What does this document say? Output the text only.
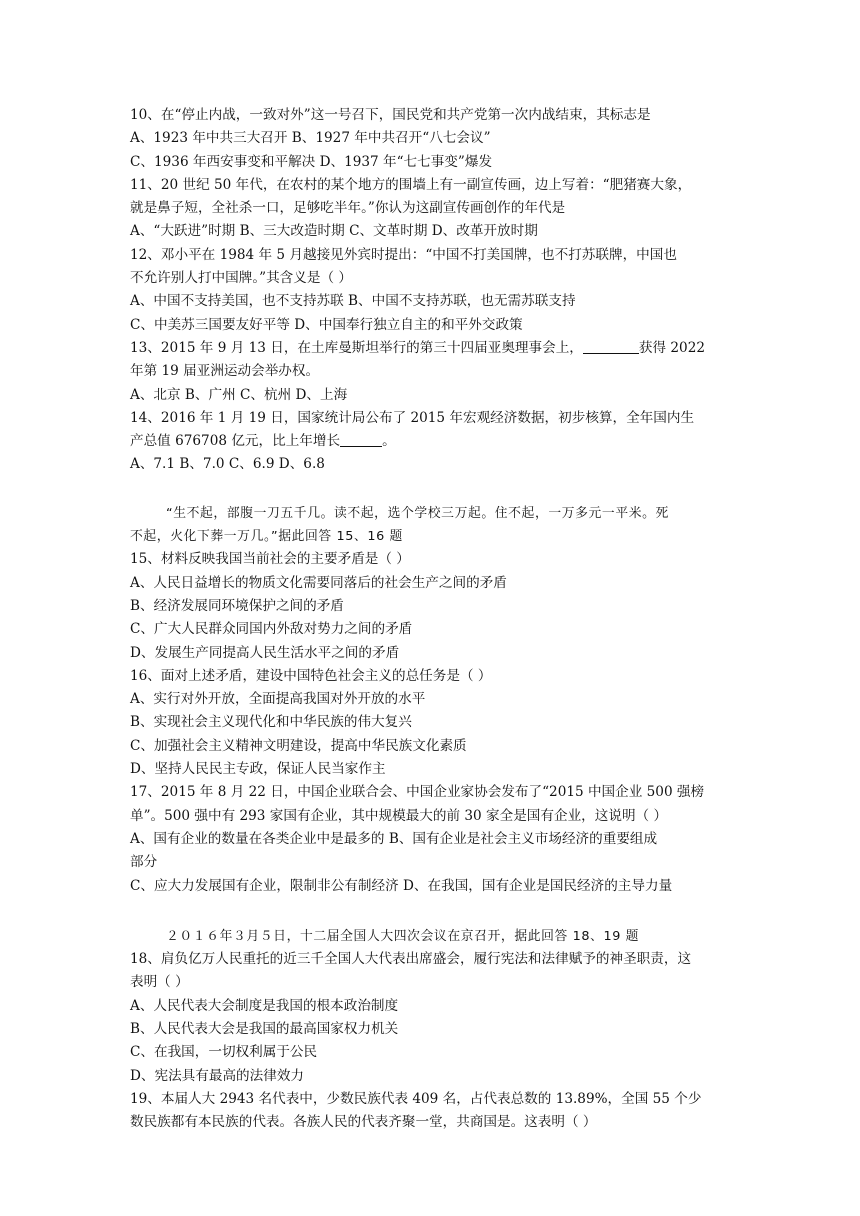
10、在“停止内战，一致对外”这一号召下，国民党和共产党第一次内战结束，其标志是
A、1923 年中共三大召开 B、1927 年中共召开“八七会议”
C、1936 年西安事变和平解决 D、1937 年“七七事变”爆发
11、20 世纪 50 年代，在农村的某个地方的围墙上有一副宣传画，边上写着：“肥猪赛大象，
就是鼻子短，全社杀一口，足够吃半年。”你认为这副宣传画创作的年代是
A、“大跃进”时期 B、三大改造时期 C、文革时期 D、改革开放时期
12、邓小平在 1984 年 5 月越接见外宾时提出：“中国不打美国牌，也不打苏联牌，中国也
不允许别人打中国牌。”其含义是（ ）
A、中国不支持美国，也不支持苏联 B、中国不支持苏联，也无需苏联支持
C、中美苏三国要友好平等 D、中国奉行独立自主的和平外交政策
13、2015 年 9 月 13 日，在土库曼斯坦举行的第三十四届亚奥理事会上，	获得 2022
年第 19 届亚洲运动会举办权。
A、北京 B、广州 C、杭州 D、上海
14、2016 年 1 月 19 日，国家统计局公布了 2015 年宏观经济数据，初步核算，全年国内生
产总值 676708 亿元，比上年增长	。
A、7.1 B、7.0 C、6.9 D、6.8
“生不起，部腹一刀五千几。读不起，选个学校三万起。住不起，一万多元一平米。死
不起，火化下葬一万几。”据此回答 15、16 题
15、材料反映我国当前社会的主要矛盾是（ ）
A、人民日益增长的物质文化需要同落后的社会生产之间的矛盾
B、经济发展同环境保护之间的矛盾
C、广大人民群众同国内外敌对势力之间的矛盾
D、发展生产同提高人民生活水平之间的矛盾
16、面对上述矛盾，建设中国特色社会主义的总任务是（ ）
A、实行对外开放，全面提高我国对外开放的水平
B、实现社会主义现代化和中华民族的伟大复兴
C、加强社会主义精神文明建设，提高中华民族文化素质
D、坚持人民民主专政，保证人民当家作主
17、2015 年 8 月 22 日，中国企业联合会、中国企业家协会发布了“2015 中国企业 500 强榜
单”。500 强中有 293 家国有企业，其中规模最大的前 30 家全是国有企业，这说明（ ）
A、国有企业的数量在各类企业中是最多的 B、国有企业是社会主义市场经济的重要组成
部分
C、应大力发展国有企业，限制非公有制经济 D、在我国，国有企业是国民经济的主导力量
２０１６年３月５日，十二届全国人大四次会议在京召开，据此回答 18、19 题
18、肩负亿万人民重托的近三千全国人大代表出席盛会，履行宪法和法律赋予的神圣职责，这
表明（ ）
A、人民代表大会制度是我国的根本政治制度
B、人民代表大会是我国的最高国家权力机关
C、在我国，一切权利属于公民
D、宪法具有最高的法律效力
19、本届人大 2943 名代表中，少数民族代表 409 名，占代表总数的 13.89%，全国 55 个少
数民族都有本民族的代表。各族人民的代表齐聚一堂，共商国是。这表明（ ）
